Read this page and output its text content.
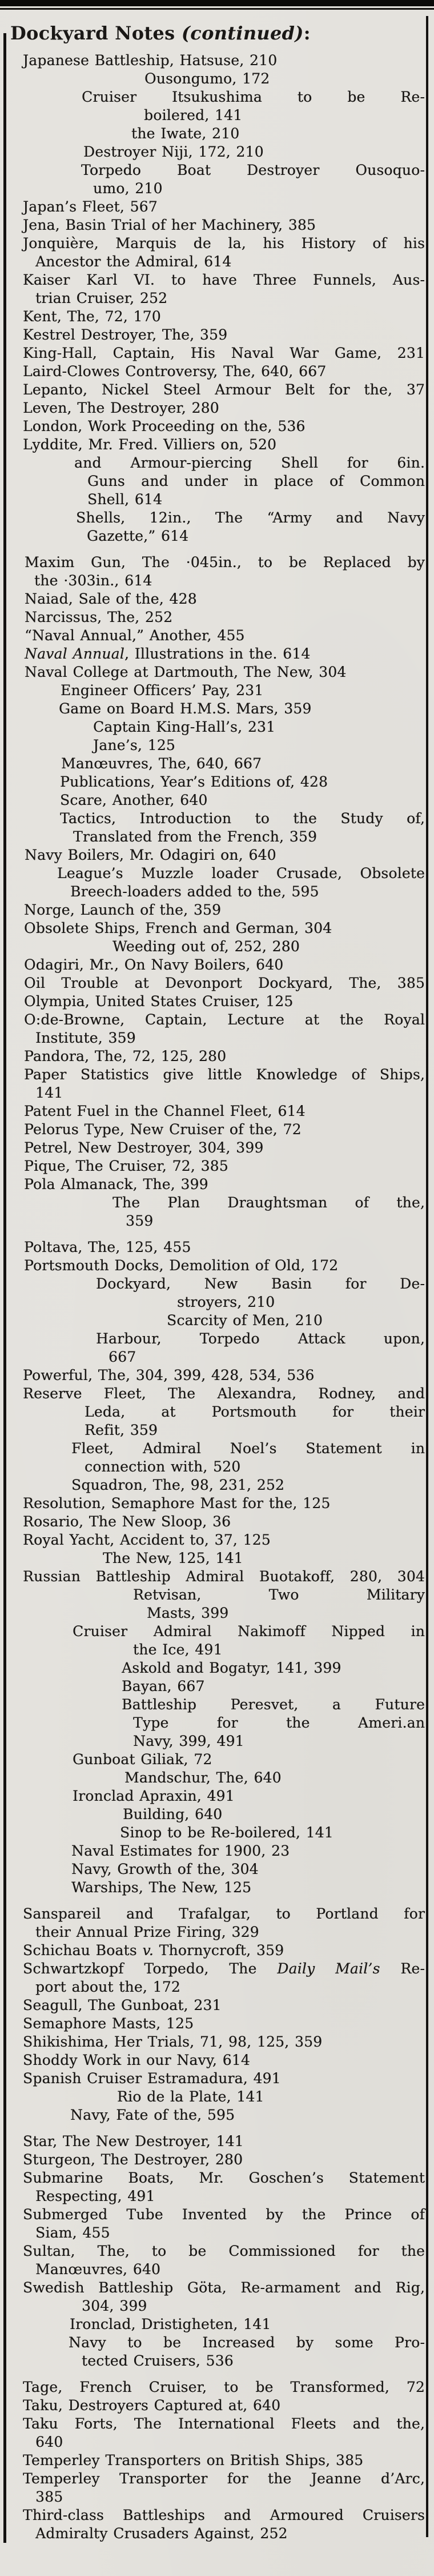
Dockyard Notes (continued):
Japanese Battleship, Hatsuse, 210
Ousongumo, 172
Cruiser Itsukushima to be Re-
boilered, 141
the Iwate, 210
Destroyer Niji, 172, 210
Torpedo Boat Destroyer Ousoquo-
umo, 210
Japan’s Fleet, 567
Jena, Basin Trial of her Machinery, 385
Jonquière, Marquis de la, his History of his
Ancestor the Admiral, 614
Kaiser Karl VI. to have Three Funnels, Aus-
trian Cruiser, 252
Kent, The, 72, 170
Kestrel Destroyer, The, 359
King-Hall, Captain, His Naval War Game, 231
Laird-Clowes Controversy, The, 640, 667
Lepanto, Nickel Steel Armour Belt for the, 37
Leven, The Destroyer, 280
London, Work Proceeding on the, 536
Lyddite, Mr. Fred. Villiers on, 520
and Armour-piercing Shell for 6in.
Guns and under in place of Common
Shell, 614
Shells, 12in., The “Army and Navy
Gazette,” 614
Maxim Gun, The ·045in., to be Replaced by
the ·303in., 614
Naiad, Sale of the, 428
Narcissus, The, 252
“Naval Annual,” Another, 455
Naval Annual, Illustrations in the. 614
Naval College at Dartmouth, The New, 304
Engineer Officers’ Pay, 231
Game on Board H.M.S. Mars, 359
Captain King-Hall’s, 231
Jane’s, 125
Manœuvres, The, 640, 667
Publications, Year’s Editions of, 428
Scare, Another, 640
Tactics, Introduction to the Study of,
Translated from the French, 359
Navy Boilers, Mr. Odagiri on, 640
League’s Muzzle loader Crusade, Obsolete
Breech-loaders added to the, 595
Norge, Launch of the, 359
Obsolete Ships, French and German, 304
Weeding out of, 252, 280
Odagiri, Mr., On Navy Boilers, 640
Oil Trouble at Devonport Dockyard, The, 385
Olympia, United States Cruiser, 125
O:de-Browne, Captain, Lecture at the Royal
Institute, 359
Pandora, The, 72, 125, 280
Paper Statistics give little Knowledge of Ships,
141
Patent Fuel in the Channel Fleet, 614
Pelorus Type, New Cruiser of the, 72
Petrel, New Destroyer, 304, 399
Pique, The Cruiser, 72, 385
Pola Almanack, The, 399
The Plan Draughtsman of the,
359
Poltava, The, 125, 455
Portsmouth Docks, Demolition of Old, 172
Dockyard, New Basin for De-
stroyers, 210
Scarcity of Men, 210
Harbour, Torpedo Attack upon,
667
Powerful, The, 304, 399, 428, 534, 536
Reserve Fleet, The Alexandra, Rodney, and
Leda, at Portsmouth for their
Refit, 359
Fleet, Admiral Noel’s Statement in
connection with, 520
Squadron, The, 98, 231, 252
Resolution, Semaphore Mast for the, 125
Rosario, The New Sloop, 36
Royal Yacht, Accident to, 37, 125
The New, 125, 141
Russian Battleship Admiral Buotakoff, 280, 304
Retvisan, Two Military
Masts, 399
Cruiser Admiral Nakimoff Nipped in
the Ice, 491
Askold and Bogatyr, 141, 399
Bayan, 667
Battleship Peresvet, a Future
Type for the Ameri.an
Navy, 399, 491
Gunboat Giliak, 72
Mandschur, The, 640
Ironclad Apraxin, 491
Building, 640
Sinop to be Re-boilered, 141
Naval Estimates for 1900, 23
Navy, Growth of the, 304
Warships, The New, 125
Sanspareil and Trafalgar, to Portland for
their Annual Prize Firing, 329
Schichau Boats v. Thornycroft, 359
Schwartzkopf Torpedo, The Daily Mail’s Re-
port about the, 172
Seagull, The Gunboat, 231
Semaphore Masts, 125
Shikishima, Her Trials, 71, 98, 125, 359
Shoddy Work in our Navy, 614
Spanish Cruiser Estramadura, 491
Rio de la Plate, 141
Navy, Fate of the, 595
Star, The New Destroyer, 141
Sturgeon, The Destroyer, 280
Submarine Boats, Mr. Goschen’s Statement
Respecting, 491
Submerged Tube Invented by the Prince of
Siam, 455
Sultan, The, to be Commissioned for the
Manœuvres, 640
Swedish Battleship Göta, Re-armament and Rig,
304, 399
Ironclad, Dristigheten, 141
Navy to be Increased by some Pro-
tected Cruisers, 536
Tage, French Cruiser, to be Transformed, 72
Taku, Destroyers Captured at, 640
Taku Forts, The International Fleets and the,
640
Temperley Transporters on British Ships, 385
Temperley Transporter for the Jeanne d’Arc,
385
Third-class Battleships and Armoured Cruisers
Admiralty Crusaders Against, 252
